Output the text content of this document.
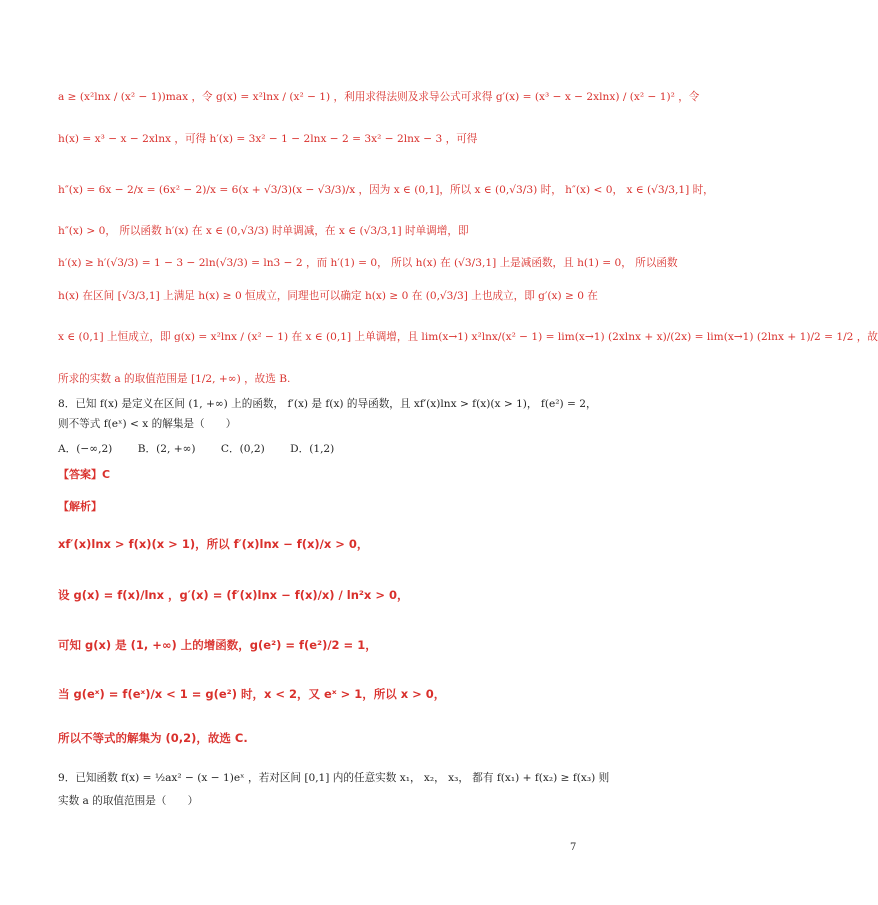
a ≥ (x²lnx / (x² − 1))max ，令 g(x) = x²lnx / (x² − 1) ，利用求得法则及求导公式可求得 g′(x) = (x³ − x − 2xlnx) / (x² − 1)² ，令
h(x) = x³ − x − 2xlnx ，可得 h′(x) = 3x² − 1 − 2lnx − 2 = 3x² − 2lnx − 3 ，可得
h″(x) = 6x − 2/x = (6x² − 2)/x = 6(x + √3/3)(x − √3/3)/x ，因为 x ∈ (0,1]，所以 x ∈ (0,√3/3) 时， h″(x) < 0， x ∈ (√3/3,1] 时，
h″(x) > 0， 所以函数 h′(x) 在 x ∈ (0,√3/3) 时单调减，在 x ∈ (√3/3,1] 时单调增，即
h′(x) ≥ h′(√3/3) = 1 − 3 − 2ln(√3/3) = ln3 − 2 ，而 h′(1) = 0， 所以 h(x) 在 (√3/3,1] 上是减函数，且 h(1) = 0， 所以函数
h(x) 在区间 [√3/3,1] 上满足 h(x) ≥ 0 恒成立，同理也可以确定 h(x) ≥ 0 在 (0,√3/3] 上也成立，即 g′(x) ≥ 0 在
x ∈ (0,1] 上恒成立，即 g(x) = x²lnx / (x² − 1) 在 x ∈ (0,1] 上单调增，且 lim(x→1) x²lnx/(x² − 1) = lim(x→1) (2xlnx + x)/(2x) = lim(x→1) (2lnx + 1)/2 = 1/2 ，故
所求的实数 a 的取值范围是 [1/2, +∞) ，故选 B.
8．已知 f(x) 是定义在区间 (1, +∞) 上的函数， f′(x) 是 f(x) 的导函数，且 xf′(x)lnx > f(x)(x > 1)， f(e²) = 2，
则不等式 f(eˣ) < x 的解集是（　　）
A．(−∞,2) B．(2, +∞) C．(0,2) D．(1,2)
【答案】C
【解析】
xf′(x)lnx > f(x)(x > 1)，所以 f′(x)lnx − f(x)/x > 0，
设 g(x) = f(x)/lnx ，g′(x) = (f′(x)lnx − f(x)/x) / ln²x > 0，
可知 g(x) 是 (1, +∞) 上的增函数，g(e²) = f(e²)/2 = 1，
当 g(eˣ) = f(eˣ)/x < 1 = g(e²) 时，x < 2，又 eˣ > 1，所以 x > 0，
所以不等式的解集为 (0,2)，故选 C.
9．已知函数 f(x) = ½ax² − (x − 1)eˣ ，若对区间 [0,1] 内的任意实数 x₁， x₂， x₃， 都有 f(x₁) + f(x₂) ≥ f(x₃) 则
实数 a 的取值范围是（　　）
7
